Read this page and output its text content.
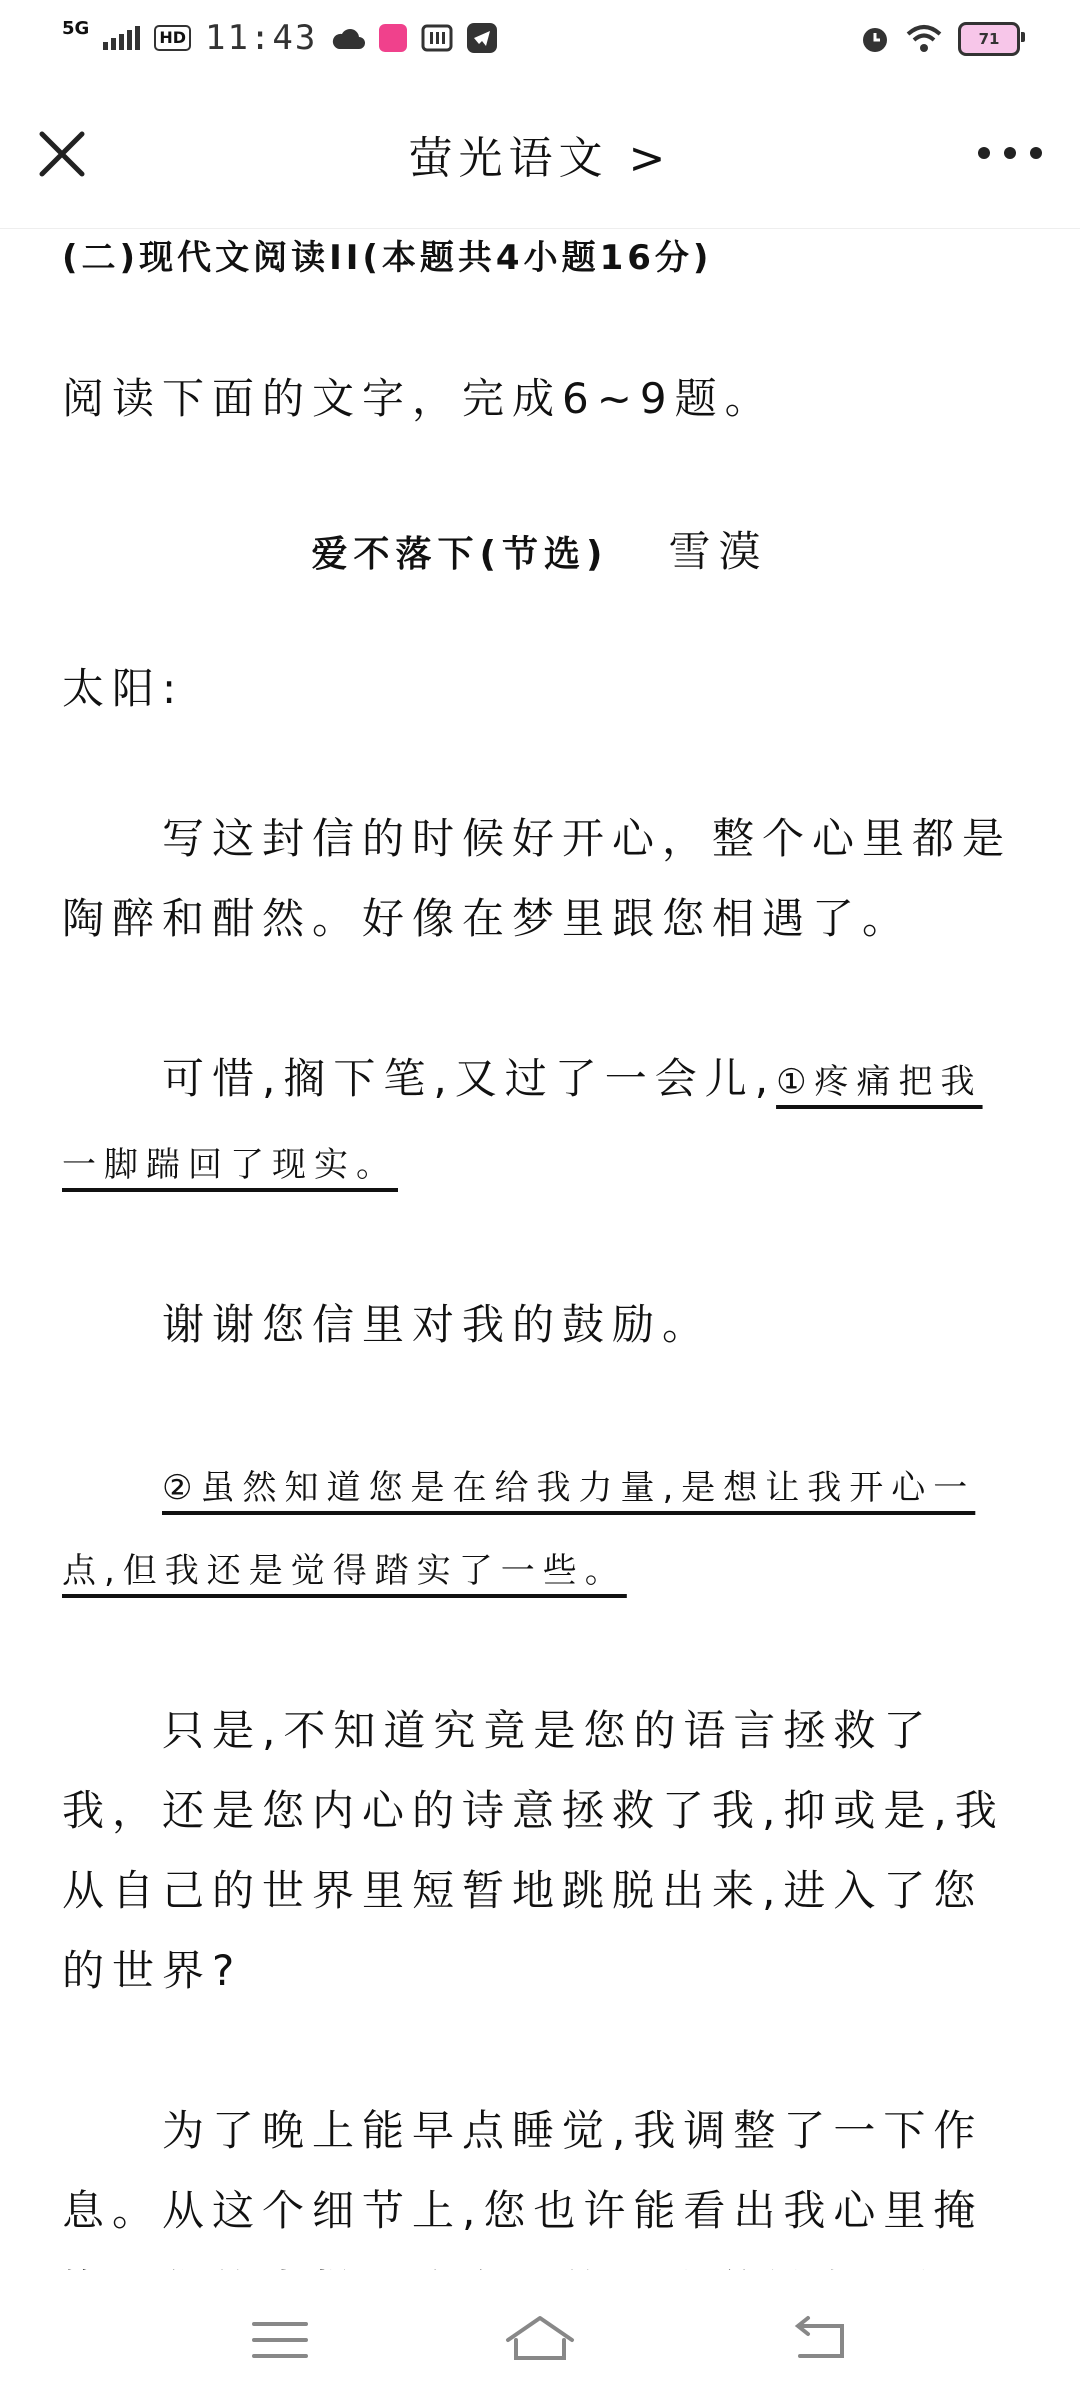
5G	HD 11:43	71
萤光语文 >

(二)现代文阅读II(本题共4小题16分)

阅读下面的文字，完成6~9题。

爱不落下(节选) 雪漠

太阳:

写这封信的时候好开心，整个心里都是陶醉和酣然。好像在梦里跟您相遇了。

可惜,搁下笔,又过了一会儿,①疼痛把我一脚踹回了现实。

谢谢您信里对我的鼓励。

②虽然知道您是在给我力量,是想让我开心一点,但我还是觉得踏实了一些。

只是,不知道究竟是您的语言拯救了我，还是您内心的诗意拯救了我,抑或是,我从自己的世界里短暂地跳脱出来,进入了您的世界?

为了晚上能早点睡觉,我调整了一下作息。从这个细节上,您也许能看出我心里掩
